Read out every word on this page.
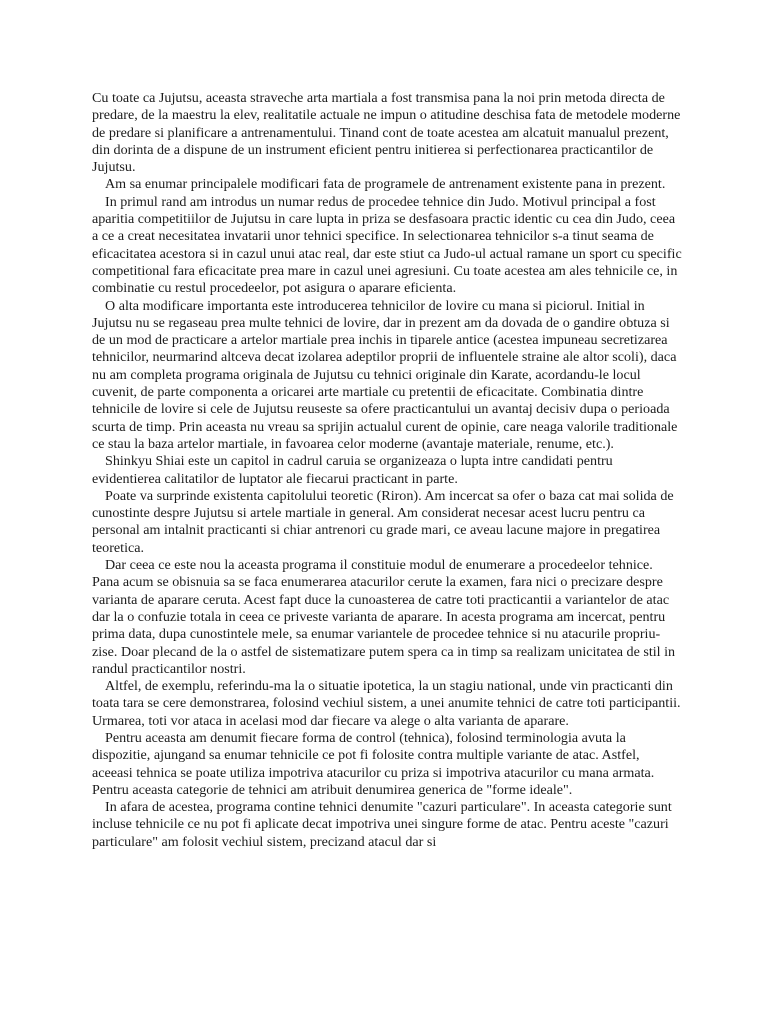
Cu toate ca Jujutsu, aceasta straveche arta martiala a fost transmisa pana la noi prin metoda directa de predare, de la maestru la elev, realitatile actuale ne impun o atitudine deschisa fata de metodele moderne de predare si planificare a antrenamentului. Tinand cont de toate acestea am alcatuit manualul prezent, din dorinta de a dispune de un instrument eficient pentru initierea si perfectionarea practicantilor de Jujutsu.

Am sa enumar principalele modificari fata de programele de antrenament existente pana in prezent.

In primul rand am introdus un numar redus de procedee tehnice din Judo. Motivul principal a fost aparitia competitiilor de Jujutsu in care lupta in priza se desfasoara practic identic cu cea din Judo, ceea a ce a creat necesitatea invatarii unor tehnici specifice. In selectionarea tehnicilor s-a tinut seama de eficacitatea acestora si in cazul unui atac real, dar este stiut ca Judo-ul actual ramane un sport cu specific competitional fara eficacitate prea mare in cazul unei agresiuni. Cu toate acestea am ales tehnicile ce, in combinatie cu restul procedeelor, pot asigura o aparare eficienta.

O alta modificare importanta este introducerea tehnicilor de lovire cu mana si piciorul. Initial in Jujutsu nu se regaseau prea multe tehnici de lovire, dar in prezent am da dovada de o gandire obtuza si de un mod de practicare a artelor martiale prea inchis in tiparele antice (acestea impuneau secretizarea tehnicilor, neurmarind altceva decat izolarea adeptilor proprii de influentele straine ale altor scoli), daca nu am completa programa originala de Jujutsu cu tehnici originale din Karate, acordandu-le locul cuvenit, de parte componenta a oricarei arte martiale cu pretentii de eficacitate. Combinatia dintre tehnicile de lovire si cele de Jujutsu reuseste sa ofere practicantului un avantaj decisiv dupa o perioada scurta de timp. Prin aceasta nu vreau sa sprijin actualul curent de opinie, care neaga valorile traditionale ce stau la baza artelor martiale, in favoarea celor moderne (avantaje materiale, renume, etc.).

Shinkyu Shiai este un capitol in cadrul caruia se organizeaza o lupta intre candidati pentru evidentierea calitatilor de luptator ale fiecarui practicant in parte.

Poate va surprinde existenta capitolului teoretic (Riron). Am incercat sa ofer o baza cat mai solida de cunostinte despre Jujutsu si artele martiale in general. Am considerat necesar acest lucru pentru ca personal am intalnit practicanti si chiar antrenori cu grade mari, ce aveau lacune majore in pregatirea teoretica.

Dar ceea ce este nou la aceasta programa il constituie modul de enumerare a procedeelor tehnice. Pana acum se obisnuia sa se faca enumerarea atacurilor cerute la examen, fara nici o precizare despre varianta de aparare ceruta. Acest fapt duce la cunoasterea de catre toti practicantii a variantelor de atac dar la o confuzie totala in ceea ce priveste varianta de aparare. In acesta programa am incercat, pentru prima data, dupa cunostintele mele, sa enumar variantele de procedee tehnice si nu atacurile propriu-zise. Doar plecand de la o astfel de sistematizare putem spera ca in timp sa realizam unicitatea de stil in randul practicantilor nostri.

Altfel, de exemplu, referindu-ma la o situatie ipotetica, la un stagiu national, unde vin practicanti din toata tara se cere demonstrarea, folosind vechiul sistem, a unei anumite tehnici de catre toti participantii. Urmarea, toti vor ataca in acelasi mod dar fiecare va alege o alta varianta de aparare.

Pentru aceasta am denumit fiecare forma de control (tehnica), folosind terminologia avuta la dispozitie, ajungand sa enumar tehnicile ce pot fi folosite contra multiple variante de atac. Astfel, aceeasi tehnica se poate utiliza impotriva atacurilor cu priza si impotriva atacurilor cu mana armata. Pentru aceasta categorie de tehnici am atribuit denumirea generica de "forme ideale".

In afara de acestea, programa contine tehnici denumite "cazuri particulare". In aceasta categorie sunt incluse tehnicile ce nu pot fi aplicate decat impotriva unei singure forme de atac. Pentru aceste "cazuri particulare" am folosit vechiul sistem, precizand atacul dar si
